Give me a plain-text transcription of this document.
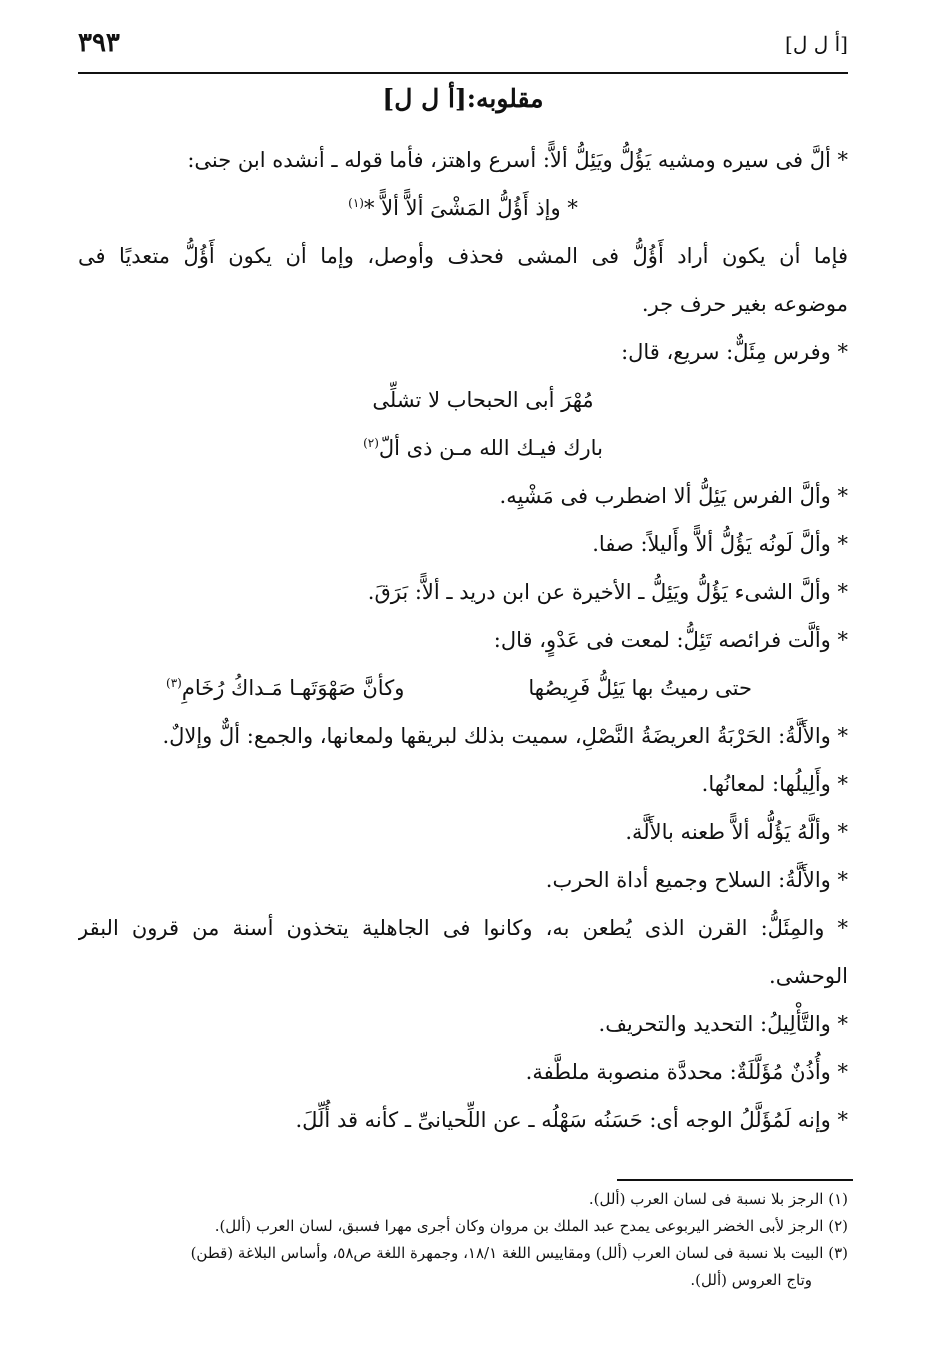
[أ ل ل]
٣٩٣
مقلوبه:[أ ل ل]
* ألَّ فى سيره ومشيه يَؤُلُّ ويَئِلُّ ألاًّ: أسرع واهتز، فأما قوله ـ أنشده ابن جنى:
* وإذ أَؤُلُّ المَشْىَ ألاًّ ألاًّ *$^{(١)}$
فإما أن يكون أراد أَؤُلُّ فى المشى فحذف وأوصل، وإما أن يكون أَؤُلُّ متعديًا فى
موضوعه بغير حرف جر.
* وفرس مِئَلٌّ: سريع، قال:
مُهْرَ أبى الحبحاب لا تشلِّى
بارك فيـك الله مـن ذى ألّ$^{(٢)}$
* وألَّ الفرس يَئِلُّ ألا اضطرب فى مَشْيِه.
* وألَّ لَونُه يَؤُلُّ ألاًّ وأَليلاً: صفا.
* وألَّ الشىء يَؤُلُّ ويَئِلُّ ـ الأخيرة عن ابن دريد ـ ألاًّ: بَرَقَ.
* وألَّت فرائصه تَئِلُّ: لمعت فى عَدْوٍ، قال:
حتى رميتُ بها يَئِلُّ فَرِيصُها
وكأنَّ صَهْوَتَهـا مَـداكُ رُخَامِ$^{(٣)}$
* والأَلَّةُ: الحَرْبَةُ العريضَةُ النَّصْلِ، سميت بذلك لبريقها ولمعانها، والجمع: ألٌّ وإلالٌ.
* وأَلِيلُها: لمعانُها.
* وألَّهُ يَؤُلُّه ألاًّ طعنه بالأَلَّة.
* والأَلَّةُ: السلاح وجميع أداة الحرب.
* والمِئَلُّ: القرن الذى يُطعن به، وكانوا فى الجاهلية يتخذون أسنة من قرون البقر
الوحشى.
* والتَّأْلِيلُ: التحديد والتحريف.
* وأُذُنٌ مُؤَلَّلَةٌ: محددَّة منصوبة ملطَّفة.
* وإنه لَمُؤَلَّلُ الوجه أى: حَسَنُه سَهْلُه ـ عن اللِّحيانىِّ ـ كأنه قد أُلِّلَ.
(١) الرجز بلا نسبة فى لسان العرب (ألل).
(٢) الرجز لأبى الخضر اليربوعى يمدح عبد الملك بن مروان وكان أجرى مهرا فسبق، لسان العرب (ألل).
(٣) البيت بلا نسبة فى لسان العرب (ألل) ومقاييس اللغة ١٨/١، وجمهرة اللغة ص٥٨، وأساس البلاغة (قطن)
وتاج العروس (ألل).
